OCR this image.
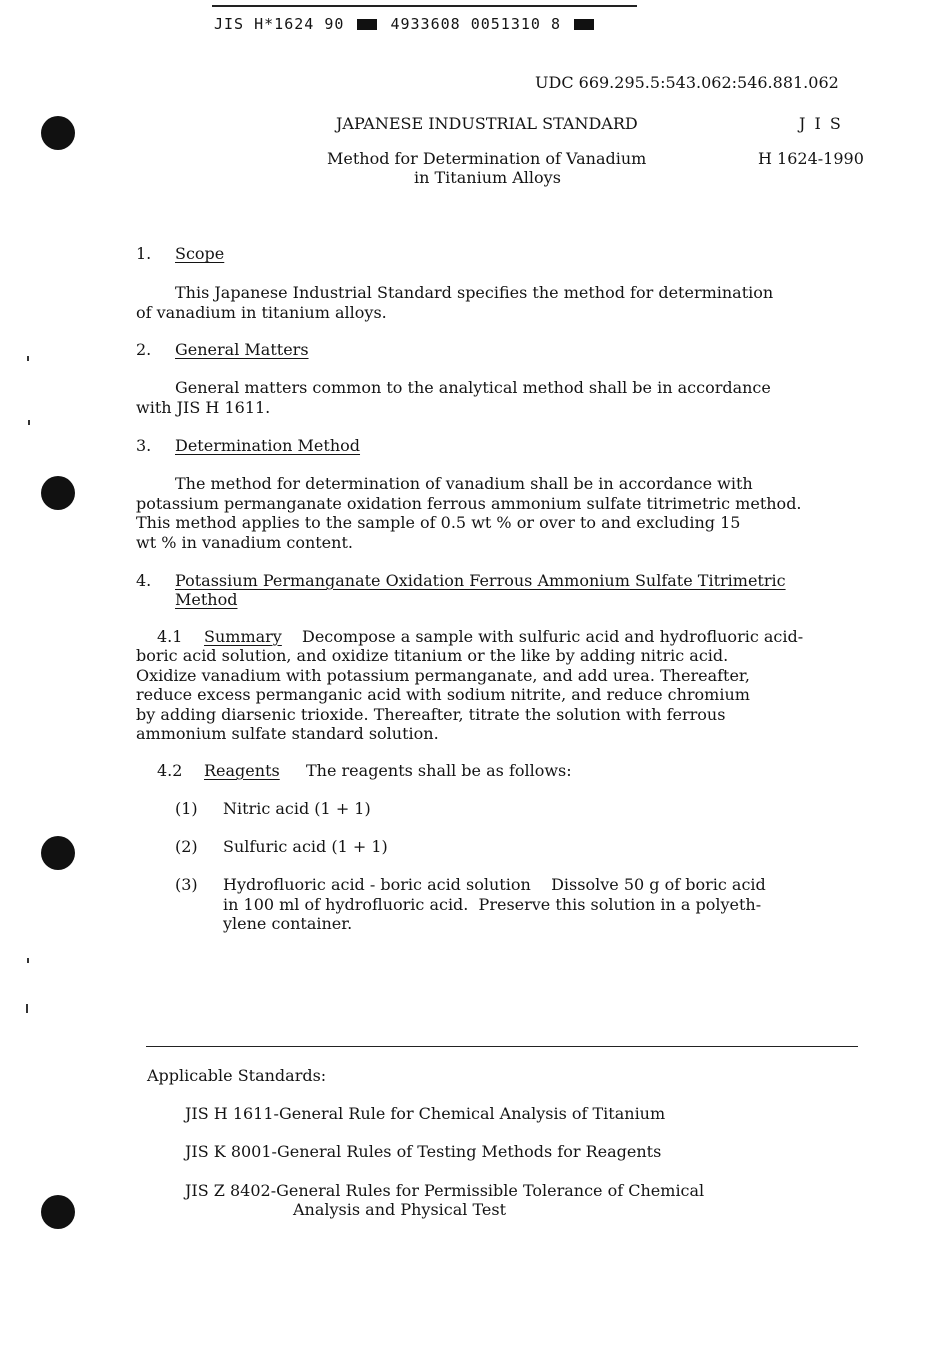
JIS H*1624 90	4933608 0051310 8
UDC 669.295.5:543.062:546.881.062
JAPANESE INDUSTRIAL STANDARD	J I S
Method for Determination of Vanadium
in Titanium Alloys
H 1624-1990
1. Scope
This Japanese Industrial Standard specifies the method for determination
of vanadium in titanium alloys.
2. General Matters
General matters common to the analytical method shall be in accordance
with JIS H 1611.
3. Determination Method
The method for determination of vanadium shall be in accordance with
potassium permanganate oxidation ferrous ammonium sulfate titrimetric method.
This method applies to the sample of 0.5 wt % or over to and excluding 15
wt % in vanadium content.
4. Potassium Permanganate Oxidation Ferrous Ammonium Sulfate Titrimetric
Method
4.1 Summary Decompose a sample with sulfuric acid and hydrofluoric acid-
boric acid solution, and oxidize titanium or the like by adding nitric acid.
Oxidize vanadium with potassium permanganate, and add urea. Thereafter,
reduce excess permanganic acid with sodium nitrite, and reduce chromium
by adding diarsenic trioxide. Thereafter, titrate the solution with ferrous
ammonium sulfate standard solution.
4.2 Reagents The reagents shall be as follows:
(1) Nitric acid (1 + 1)
(2) Sulfuric acid (1 + 1)
(3) Hydrofluoric acid - boric acid solution    Dissolve 50 g of boric acid
in 100 ml of hydrofluoric acid.  Preserve this solution in a polyeth-
ylene container.
Applicable Standards:
JIS H 1611-General Rule for Chemical Analysis of Titanium
JIS K 8001-General Rules of Testing Methods for Reagents
JIS Z 8402-General Rules for Permissible Tolerance of Chemical
Analysis and Physical Test
